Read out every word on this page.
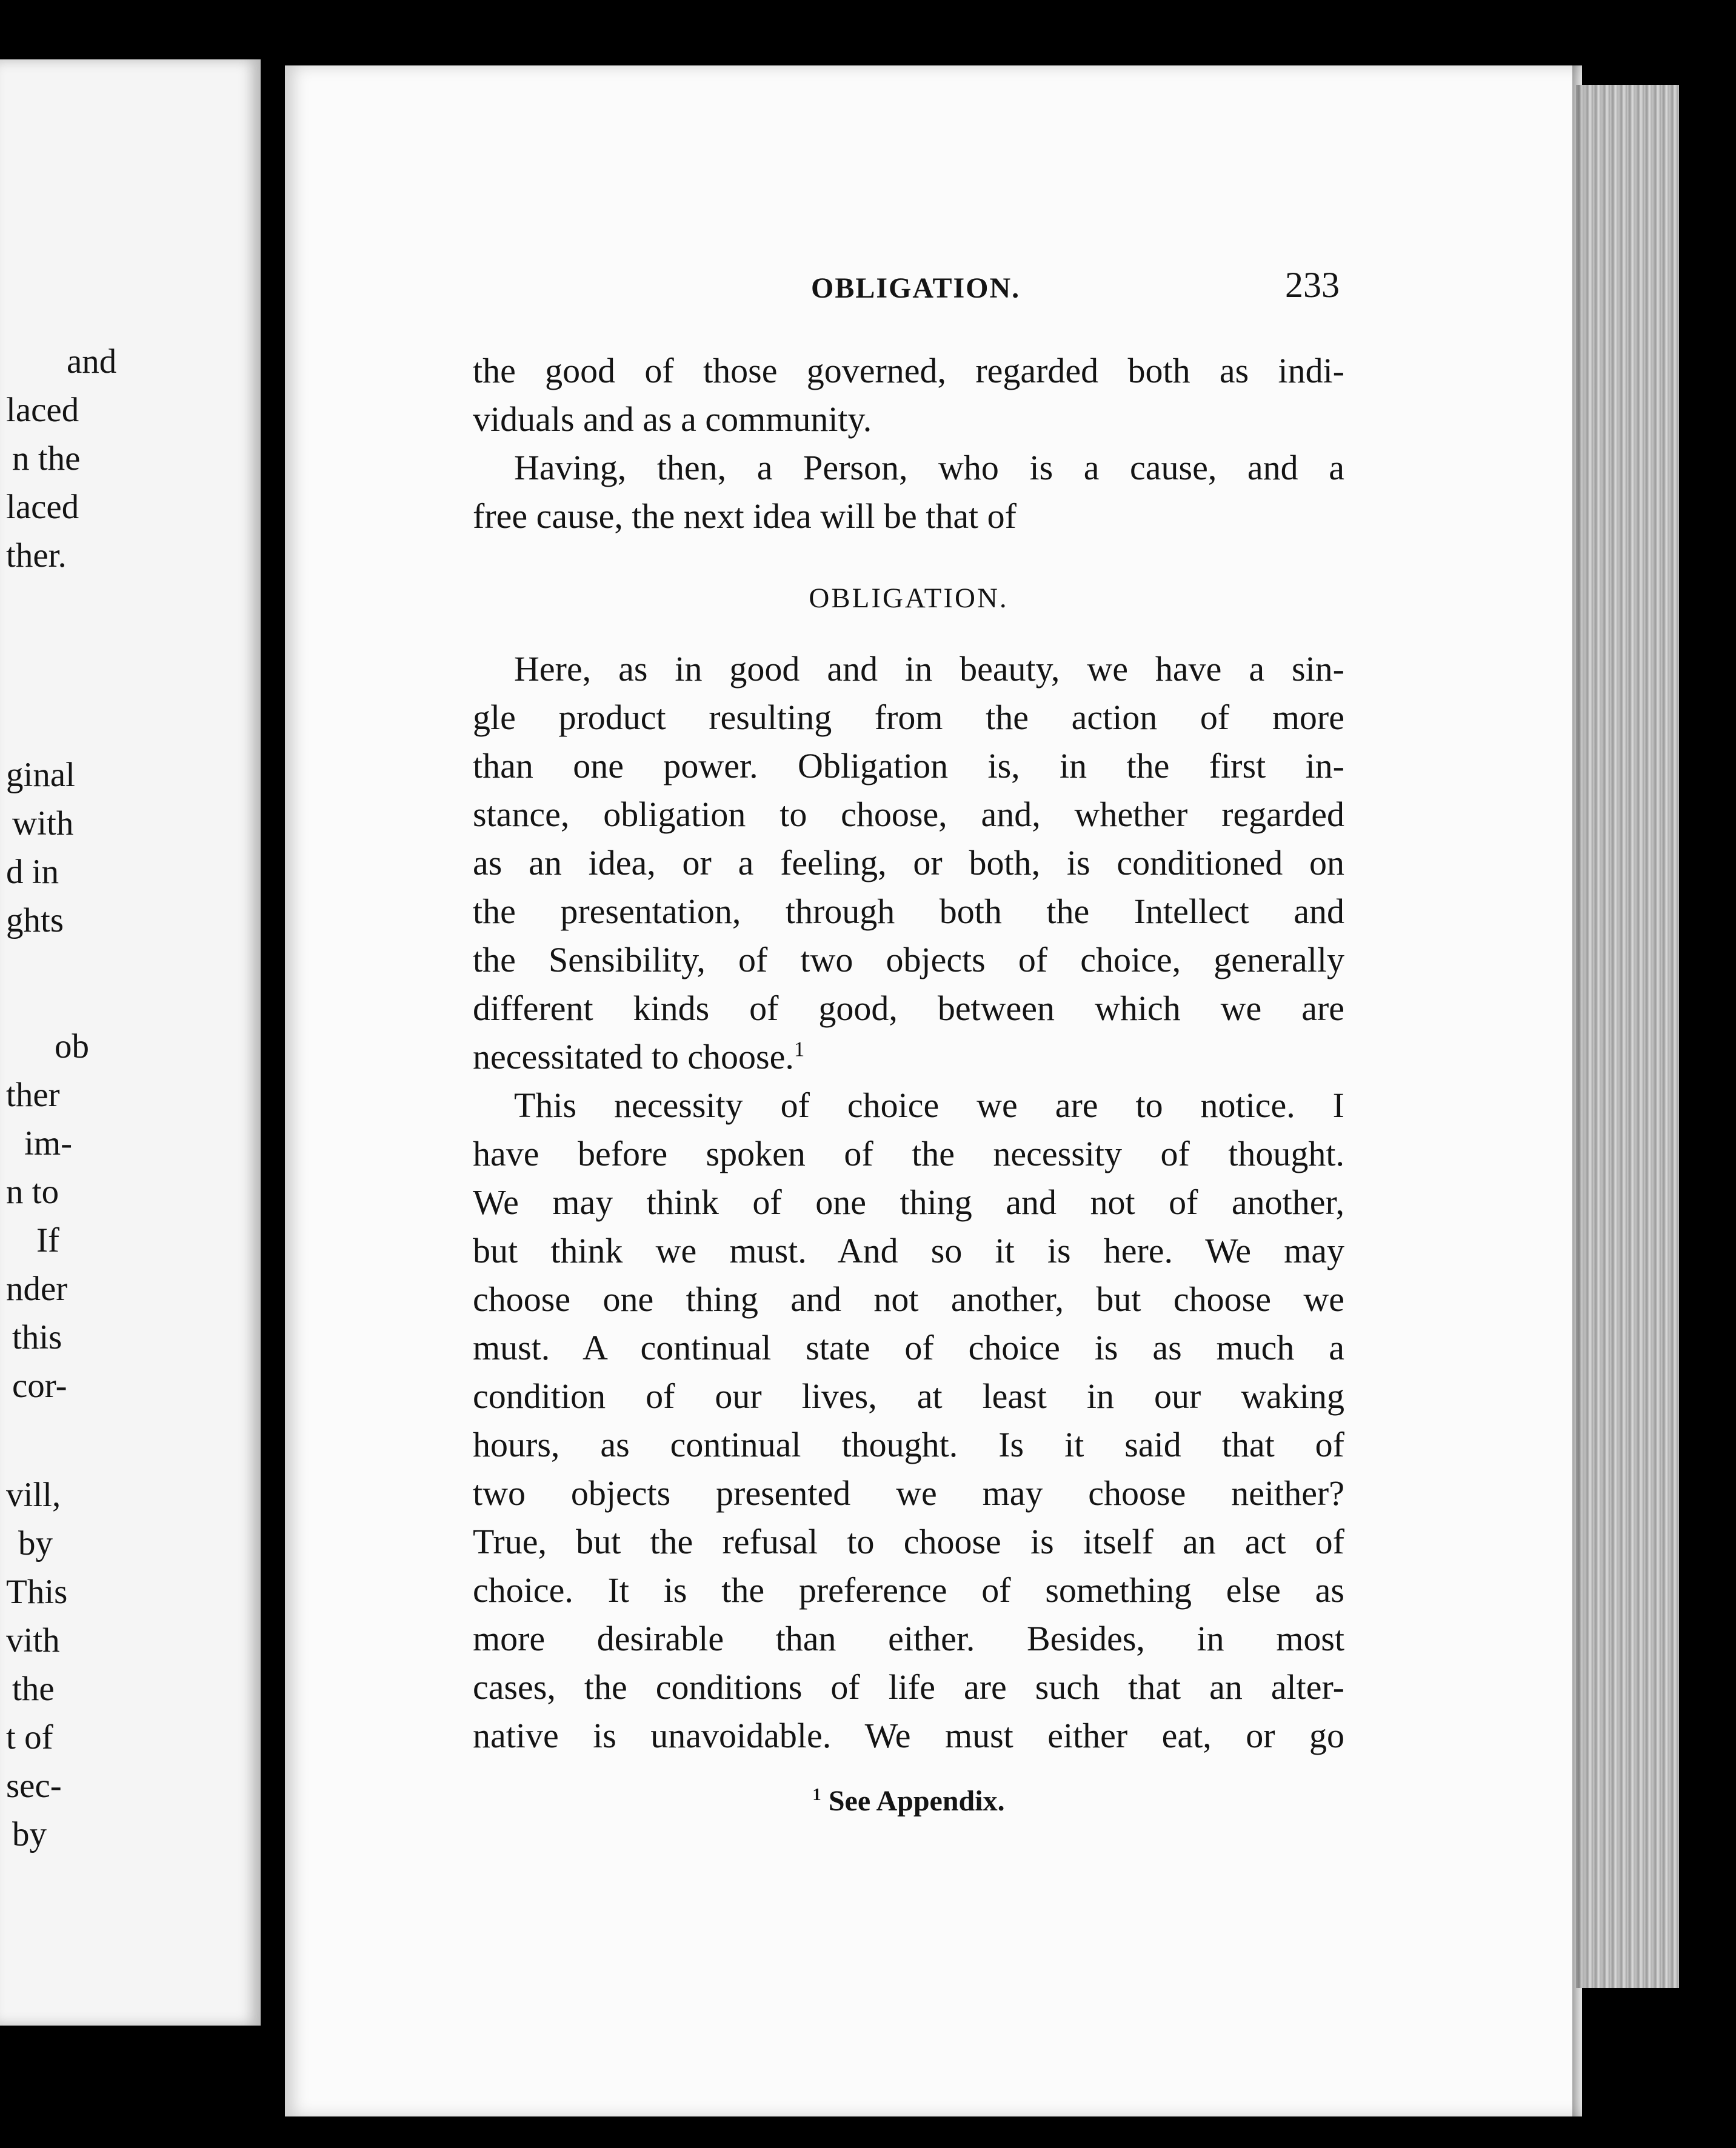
and
laced
n the
laced
ther.
ginal
with
d in
ghts
ob
ther
im-
n to
If
nder
this
cor-
vill,
by
This
vith
the
t of
sec-
by
OBLIGATION.	233
the good of those governed, regarded both as indi-
viduals and as a community.
Having, then, a Person, who is a cause, and a
free cause, the next idea will be that of
OBLIGATION.
Here, as in good and in beauty, we have a sin-
gle product resulting from the action of more
than one power. Obligation is, in the first in-
stance, obligation to choose, and, whether regarded
as an idea, or a feeling, or both, is conditioned on
the presentation, through both the Intellect and
the Sensibility, of two objects of choice, generally
different kinds of good, between which we are
necessitated to choose.$^1$
This necessity of choice we are to notice. I
have before spoken of the necessity of thought.
We may think of one thing and not of another,
but think we must. And so it is here. We may
choose one thing and not another, but choose we
must. A continual state of choice is as much a
condition of our lives, at least in our waking
hours, as continual thought. Is it said that of
two objects presented we may choose neither?
True, but the refusal to choose is itself an act of
choice. It is the preference of something else as
more desirable than either. Besides, in most
cases, the conditions of life are such that an alter-
native is unavoidable. We must either eat, or go
$^1$ See Appendix.
